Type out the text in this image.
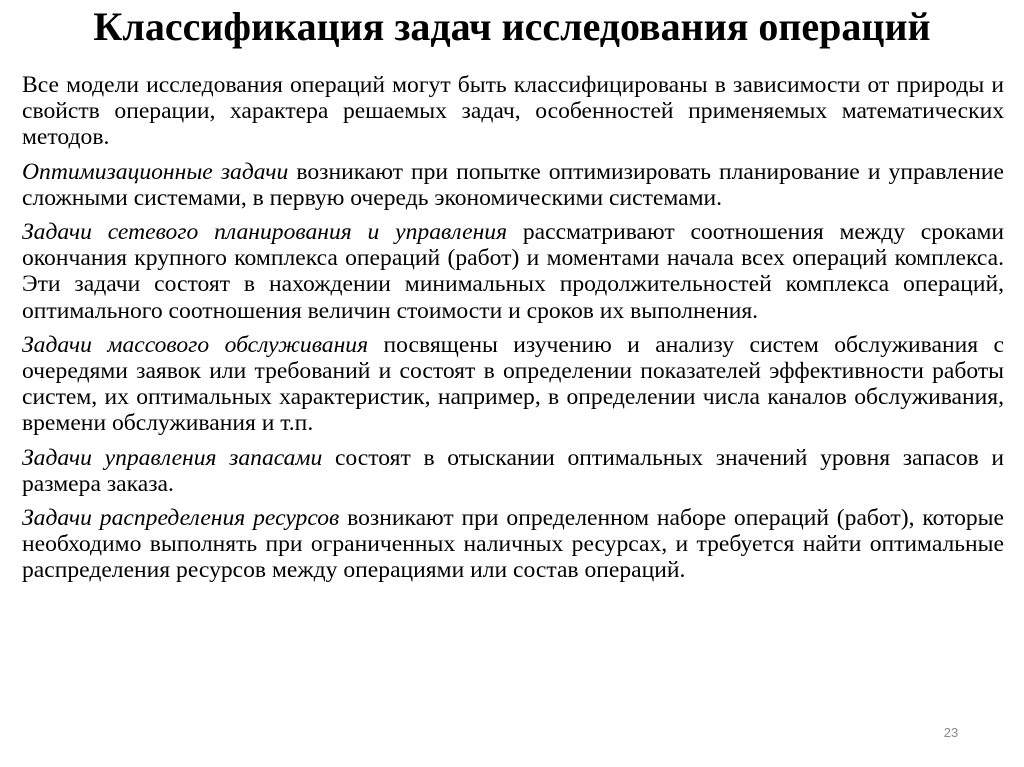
Классификация задач исследования операций

Все модели исследования операций могут быть классифицированы в зависимости от природы и свойств операции, характера решаемых задач, особенностей применяемых математических методов.

Оптимизационные задачи возникают при попытке оптимизировать планирование и управление сложными системами, в первую очередь экономическими системами.

Задачи сетевого планирования и управления рассматривают соотношения между сроками окончания крупного комплекса операций (работ) и моментами начала всех операций комплекса. Эти задачи состоят в нахождении минимальных продолжительностей комплекса операций, оптимального соотношения величин стоимости и сроков их выполнения.

Задачи массового обслуживания посвящены изучению и анализу систем обслуживания с очередями заявок или требований и состоят в определении показателей эффективности работы систем, их оптимальных характеристик, например, в определении числа каналов обслуживания, времени обслуживания и т.п.

Задачи управления запасами состоят в отыскании оптимальных значений уровня запасов и размера заказа.

Задачи распределения ресурсов возникают при определенном наборе операций (работ), которые необходимо выполнять при ограниченных наличных ресурсах, и требуется найти оптимальные распределения ресурсов между операциями или состав операций.

23
